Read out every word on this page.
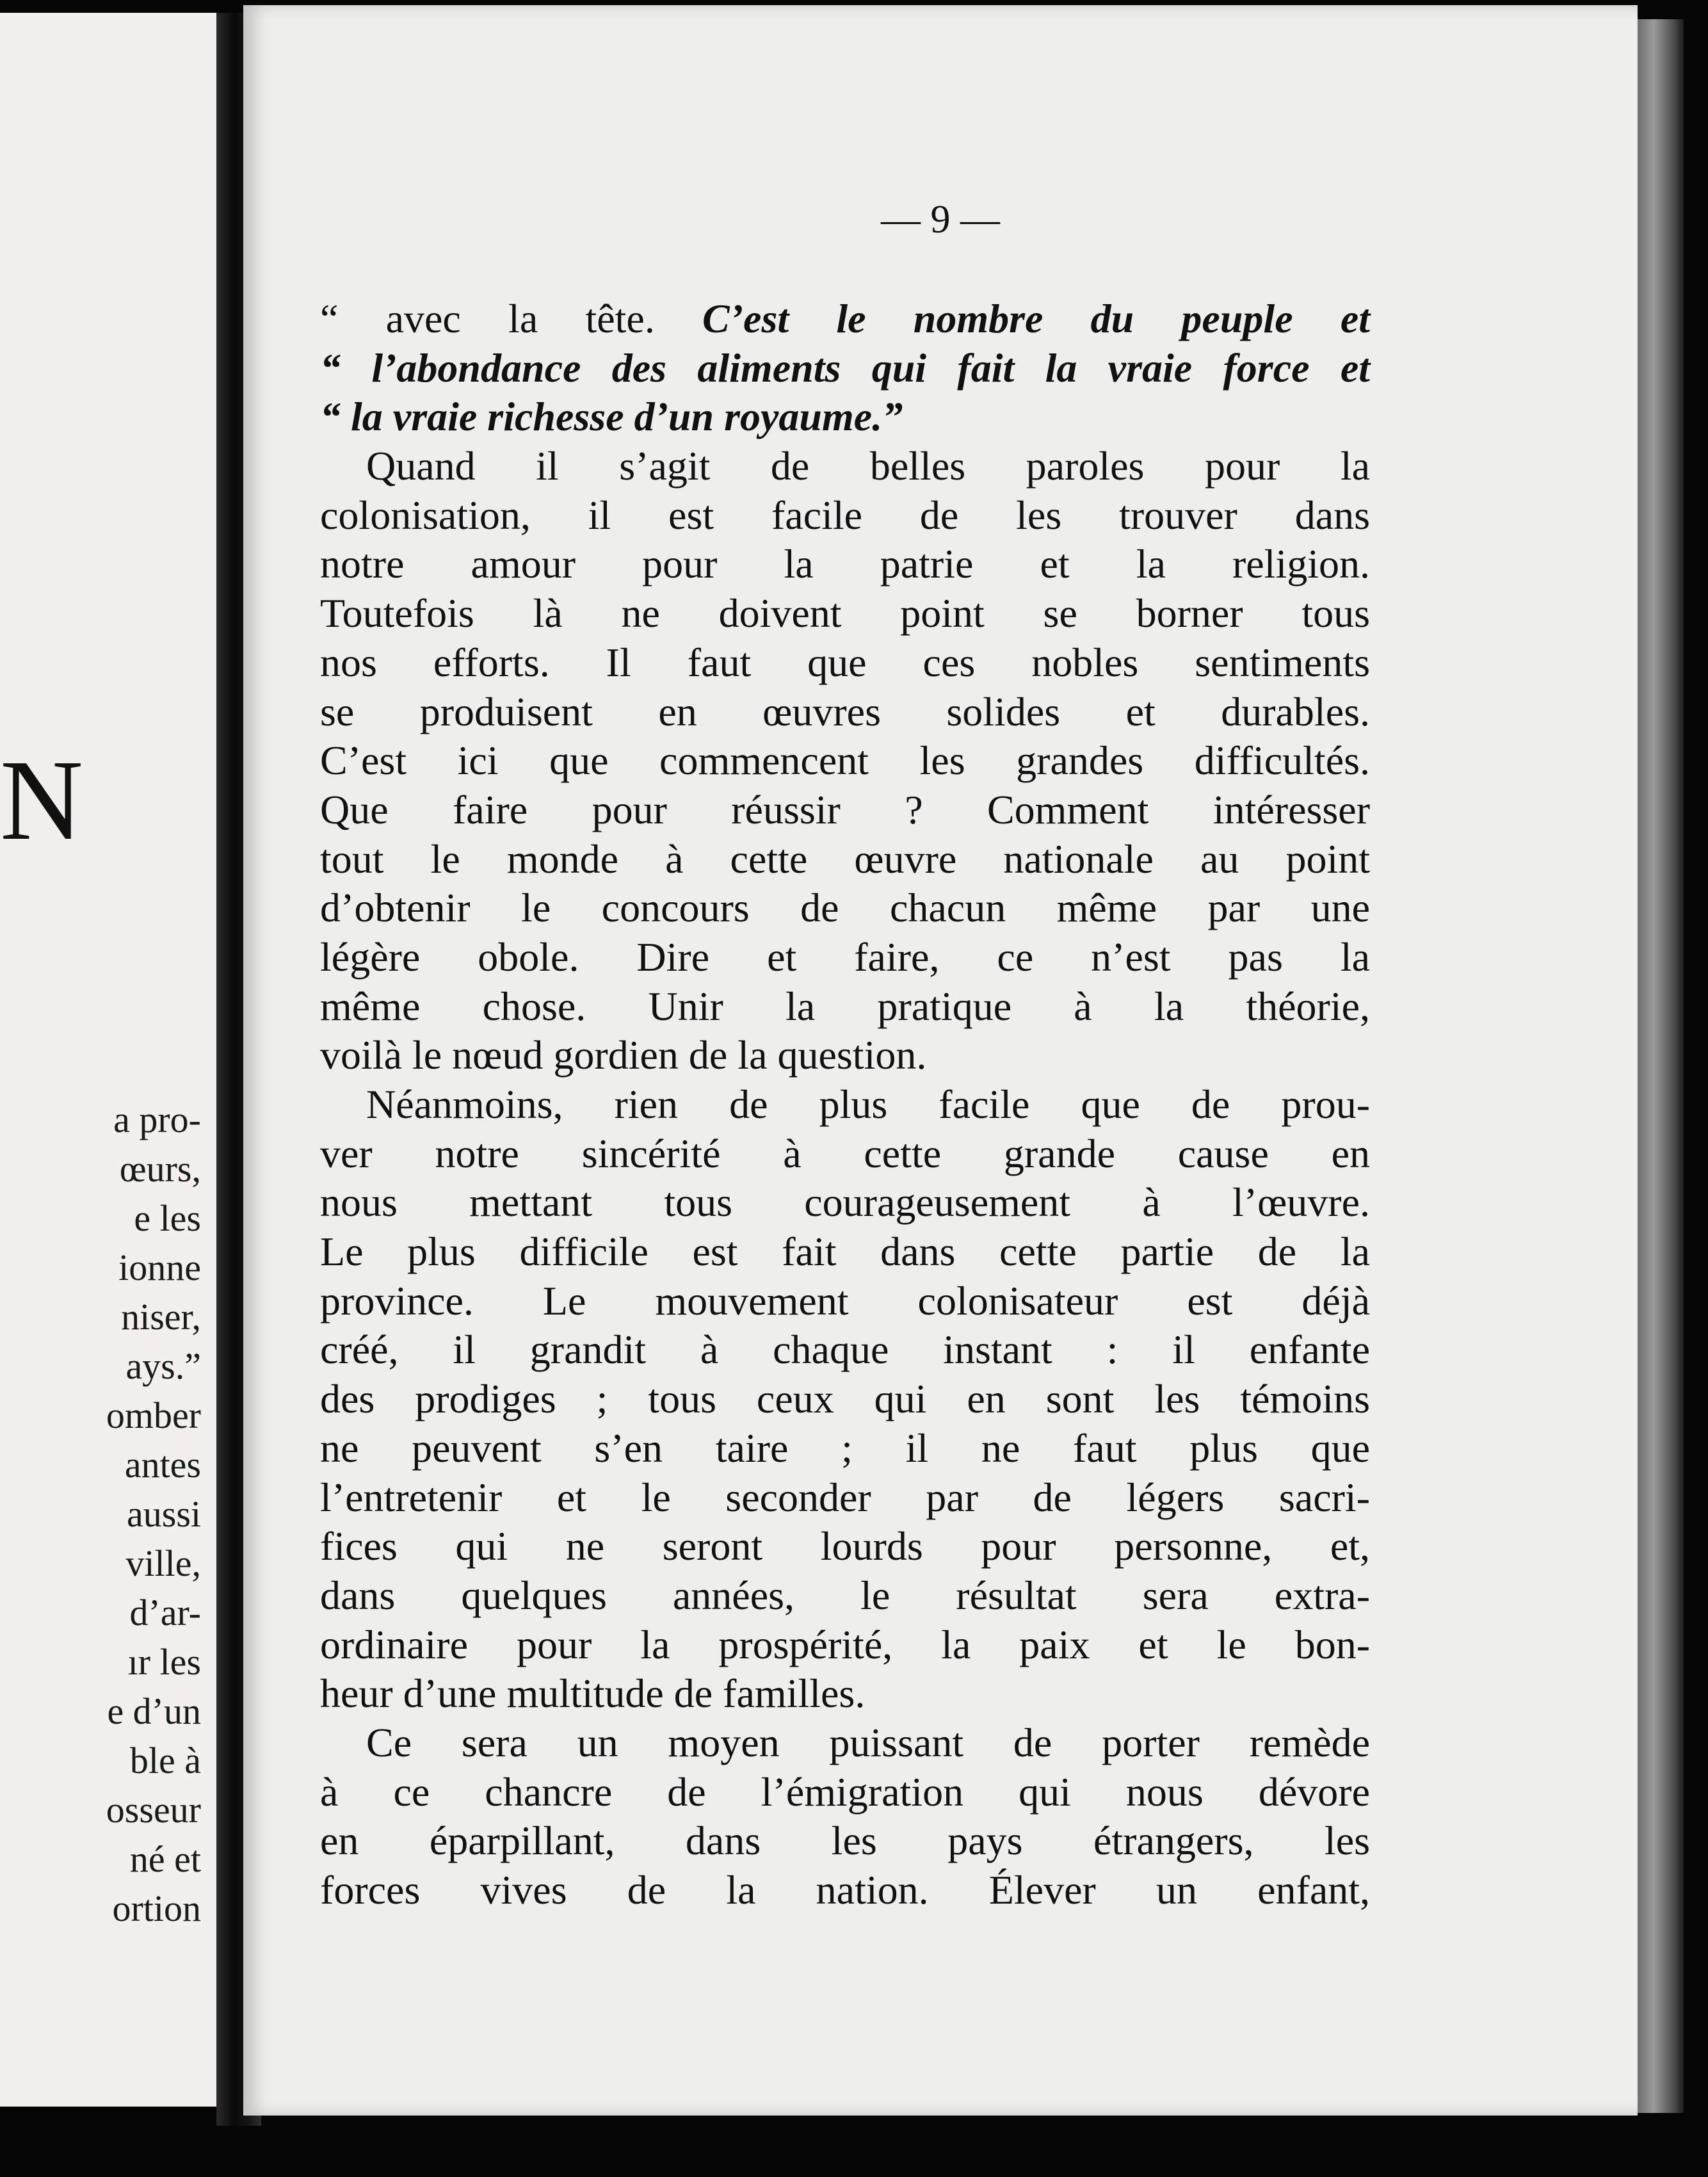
N
a pro-
œurs,
e les
ionne
niser,
ays.”
omber
antes
aussi
ville,
d’ar-
ır les
e d’un
ble à
osseur
né et
ortion
— 9 —
“ avec la tête. C’est le nombre du peuple et
“ l’abondance des aliments qui fait la vraie force et
“ la vraie richesse d’un royaume.”
Quand il s’agit de belles paroles pour la
colonisation, il est facile de les trouver dans
notre amour pour la patrie et la religion.
Toutefois là ne doivent point se borner tous
nos efforts. Il faut que ces nobles sentiments
se produisent en œuvres solides et durables.
C’est ici que commencent les grandes difficultés.
Que faire pour réussir ? Comment intéresser
tout le monde à cette œuvre nationale au point
d’obtenir le concours de chacun même par une
légère obole. Dire et faire, ce n’est pas la
même chose. Unir la pratique à la théorie,
voilà le nœud gordien de la question.
Néanmoins, rien de plus facile que de prou-
ver notre sincérité à cette grande cause en
nous mettant tous courageusement à l’œuvre.
Le plus difficile est fait dans cette partie de la
province. Le mouvement colonisateur est déjà
créé, il grandit à chaque instant : il enfante
des prodiges ; tous ceux qui en sont les témoins
ne peuvent s’en taire ; il ne faut plus que
l’entretenir et le seconder par de légers sacri-
fices qui ne seront lourds pour personne, et,
dans quelques années, le résultat sera extra-
ordinaire pour la prospérité, la paix et le bon-
heur d’une multitude de familles.
Ce sera un moyen puissant de porter remède
à ce chancre de l’émigration qui nous dévore
en éparpillant, dans les pays étrangers, les
forces vives de la nation. Élever un enfant,
